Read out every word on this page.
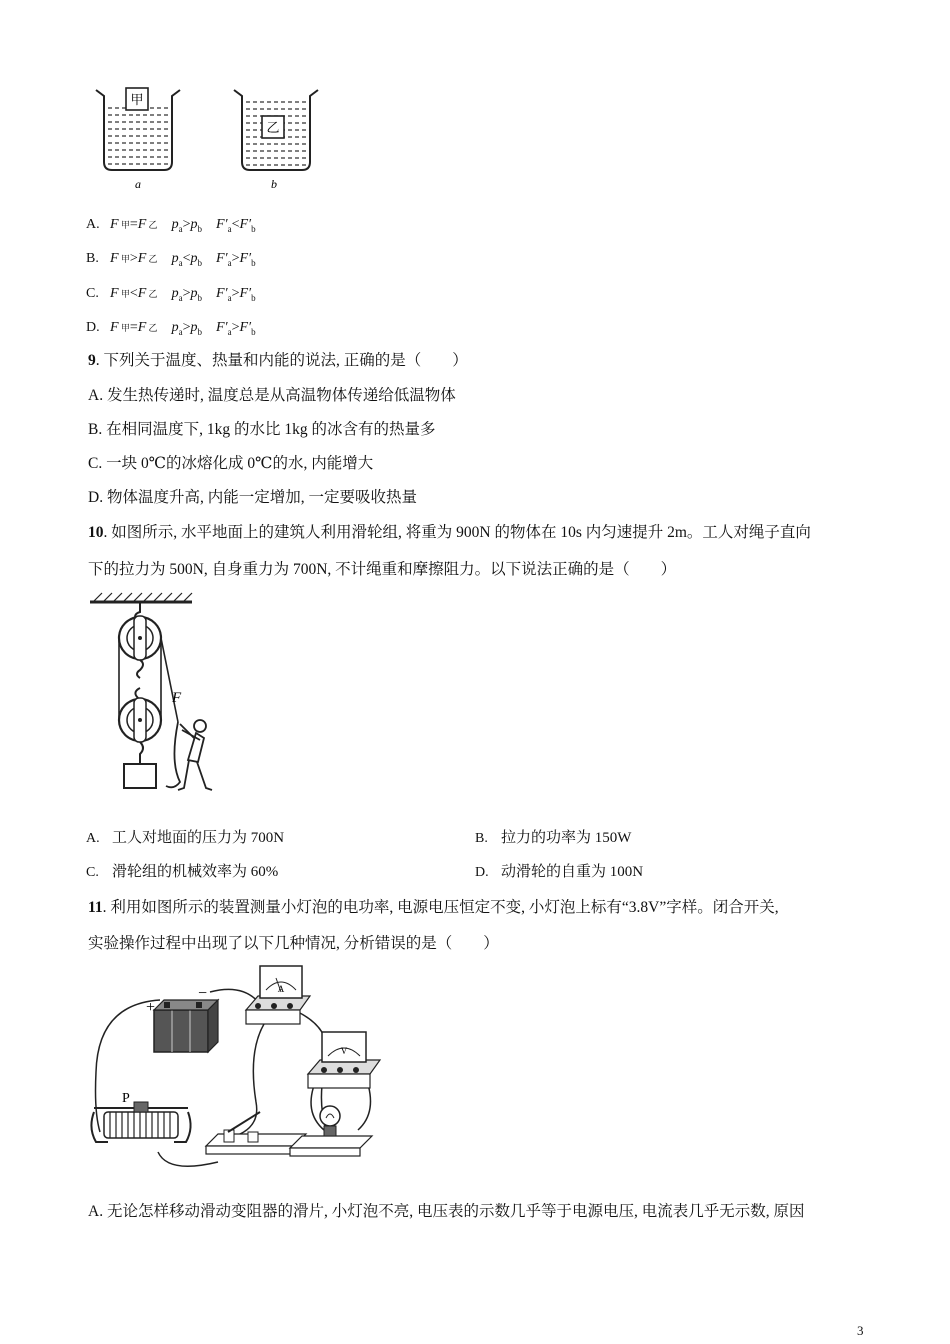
甲
a
乙
b
A. F 甲=F 乙 $p_a>p_b$ $F'_a<F'_b$
B. F 甲>F 乙 $p_a<p_b$ $F'_a>F'_b$
C. F 甲<F 乙 $p_a>p_b$ $F'_a>F'_b$
D. F 甲=F 乙 $p_a>p_b$ $F'_a>F'_b$
9. 下列关于温度、热量和内能的说法, 正确的是（　　）
A. 发生热传递时, 温度总是从高温物体传递给低温物体
B. 在相同温度下, 1kg 的水比 1kg 的冰含有的热量多
C. 一块 0℃的冰熔化成 0℃的水, 内能增大
D. 物体温度升高, 内能一定增加, 一定要吸收热量
10. 如图所示, 水平地面上的建筑人利用滑轮组, 将重为 900N 的物体在 10s 内匀速提升 2m。工人对绳子直向
下的拉力为 500N, 自身重力为 700N, 不计绳重和摩擦阻力。以下说法正确的是（　　）
F
A. 工人对地面的压力为 700N	B. 拉力的功率为 150W
C. 滑轮组的机械效率为 60%	D. 动滑轮的自重为 100N
11. 利用如图所示的装置测量小灯泡的电功率, 电源电压恒定不变, 小灯泡上标有“3.8V”字样。闭合开关,
实验操作过程中出现了以下几种情况, 分析错误的是（　　）
+
−	A
V
P
A. 无论怎样移动滑动变阻器的滑片, 小灯泡不亮, 电压表的示数几乎等于电源电压, 电流表几乎无示数, 原因
3
